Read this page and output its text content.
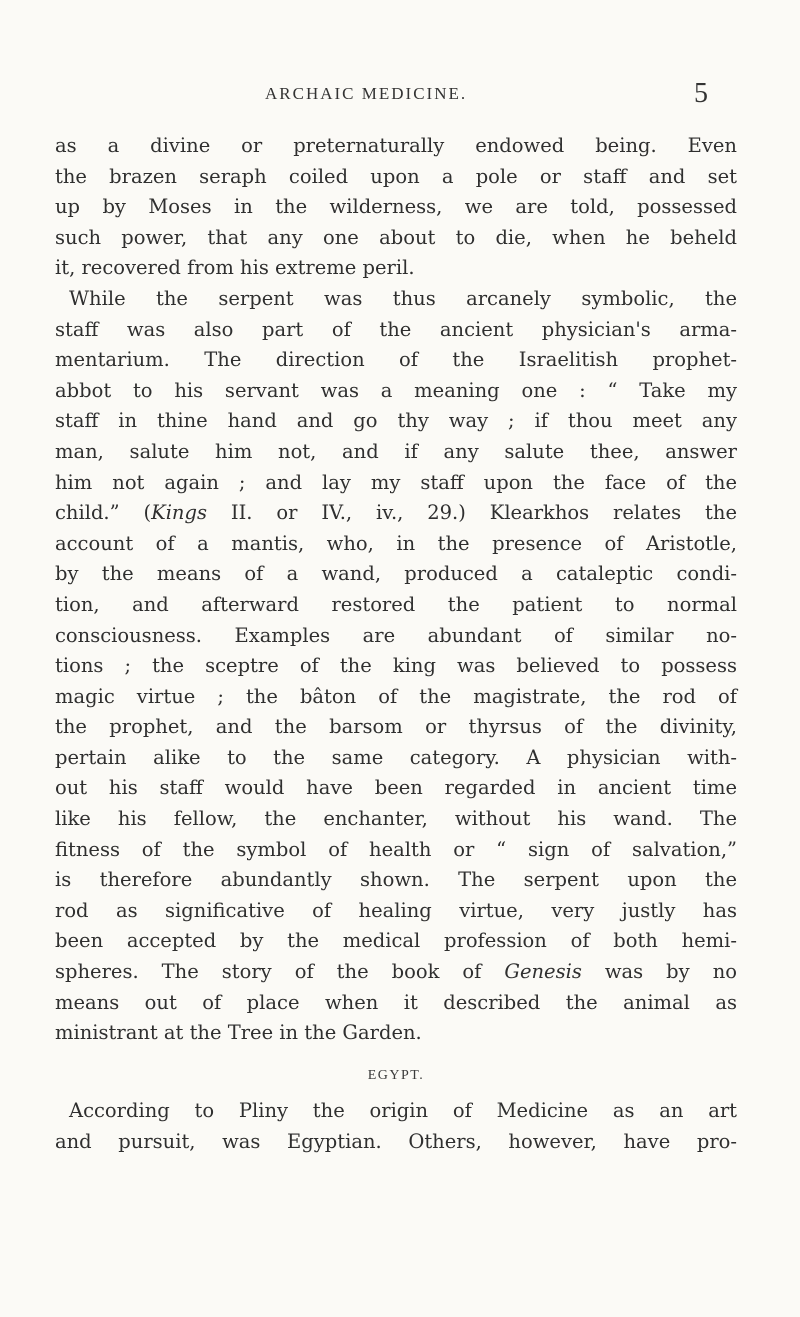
ARCHAIC MEDICINE.	5
as a divine or preternaturally endowed being. Even
the brazen seraph coiled upon a pole or staff and set
up by Moses in the wilderness, we are told, possessed
such power, that any one about to die, when he beheld
it, recovered from his extreme peril.
While the serpent was thus arcanely symbolic, the
staff was also part of the ancient physician's arma-
mentarium. The direction of the Israelitish prophet-
abbot to his servant was a meaning one : “ Take my
staff in thine hand and go thy way ; if thou meet any
man, salute him not, and if any salute thee, answer
him not again ; and lay my staff upon the face of the
child.” (Kings II. or IV., iv., 29.) Klearkhos relates the
account of a mantis, who, in the presence of Aristotle,
by the means of a wand, produced a cataleptic condi-
tion, and afterward restored the patient to normal
consciousness. Examples are abundant of similar no-
tions ; the sceptre of the king was believed to possess
magic virtue ; the bâton of the magistrate, the rod of
the prophet, and the barsom or thyrsus of the divinity,
pertain alike to the same category. A physician with-
out his staff would have been regarded in ancient time
like his fellow, the enchanter, without his wand. The
fitness of the symbol of health or “ sign of salvation,”
is therefore abundantly shown. The serpent upon the
rod as significative of healing virtue, very justly has
been accepted by the medical profession of both hemi-
spheres. The story of the book of Genesis was by no
means out of place when it described the animal as
ministrant at the Tree in the Garden.
EGYPT.
According to Pliny the origin of Medicine as an art
and pursuit, was Egyptian. Others, however, have pro-
